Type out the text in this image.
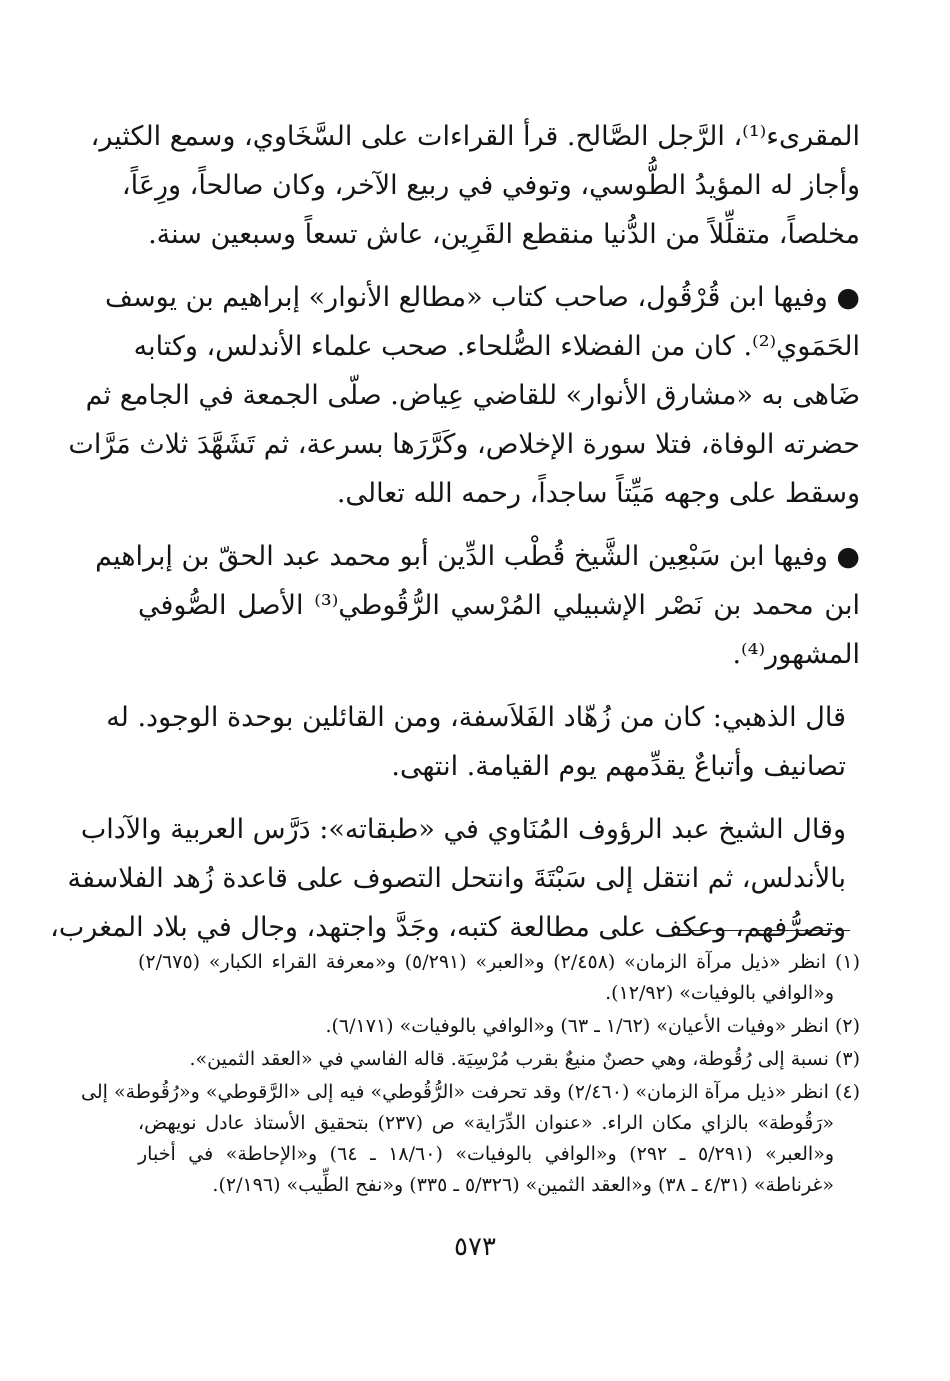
المقرىء⁽¹⁾، الرَّجل الصَّالح. قرأ القراءات على السَّخَاوي، وسمع الكثير،
وأجاز له المؤيدُ الطُّوسي، وتوفي في ربيع الآخر، وكان صالحاً، ورِعَاً،
مخلصاً، متقلِّلاً من الدُّنيا منقطع القَرِين، عاش تسعاً وسبعين سنة.
● وفيها ابن قُرْقُول، صاحب كتاب «مطالع الأنوار» إبراهيم بن يوسف
الحَمَوي⁽²⁾. كان من الفضلاء الصُّلحاء. صحب علماء الأندلس، وكتابه
ضَاهى به «مشارق الأنوار» للقاضي عِياض. صلّى الجمعة في الجامع ثم
حضرته الوفاة، فتلا سورة الإخلاص، وكَرَّرَها بسرعة، ثم تَشَهَّدَ ثلاث مَرَّات
وسقط على وجهه مَيِّتاً ساجداً، رحمه الله تعالى.
● وفيها ابن سَبْعِين الشَّيخ قُطْب الدِّين أبو محمد عبد الحقّ بن إبراهيم
ابن محمد بن نَصْر الإشبيلي المُرْسي الرُّقُوطي⁽³⁾ الأصل الصُّوفي
المشهور⁽⁴⁾.
قال الذهبي: كان من زُهّاد الفَلاَسفة، ومن القائلين بوحدة الوجود. له
تصانيف وأتباعٌ يقدِّمهم يوم القيامة. انتهى.
وقال الشيخ عبد الرؤوف المُنَاوي في «طبقاته»: دَرَّس العربية والآداب
بالأندلس، ثم انتقل إلى سَبْتَةَ وانتحل التصوف على قاعدة زُهد الفلاسفة
وتصرُّفهم، وعكف على مطالعة كتبه، وجَدَّ واجتهد، وجال في بلاد المغرب،
(١) انظر «ذيل مرآة الزمان» (٢/٤٥٨) و«العبر» (٥/٢٩١) و«معرفة القراء الكبار» (٢/٦٧٥)
و«الوافي بالوفيات» (١٢/٩٢).
(٢) انظر «وفيات الأعيان» (١/٦٢ ـ ٦٣) و«الوافي بالوفيات» (٦/١٧١).
(٣) نسبة إلى رُقُوطة، وهي حصنٌ منيعٌ بقرب مُرْسِيَة. قاله الفاسي في «العقد الثمين».
(٤) انظر «ذيل مرآة الزمان» (٢/٤٦٠) وقد تحرفت «الرُّقُوطي» فيه إلى «الرَّقوطي» و«رُقُوطة» إلى
«رَقُوطة» بالزاي مكان الراء. «عنوان الدِّرَاية» ص (٢٣٧) بتحقيق الأستاذ عادل نويهض،
و«العبر» (٥/٢٩١ ـ ٢٩٢) و«الوافي بالوفيات» (١٨/٦٠ ـ ٦٤) و«الإحاطة» في أخبار
«غرناطة» (٤/٣١ ـ ٣٨) و«العقد الثمين» (٥/٣٢٦ ـ ٣٣٥) و«نفح الطِّيب» (٢/١٩٦).
٥٧٣
